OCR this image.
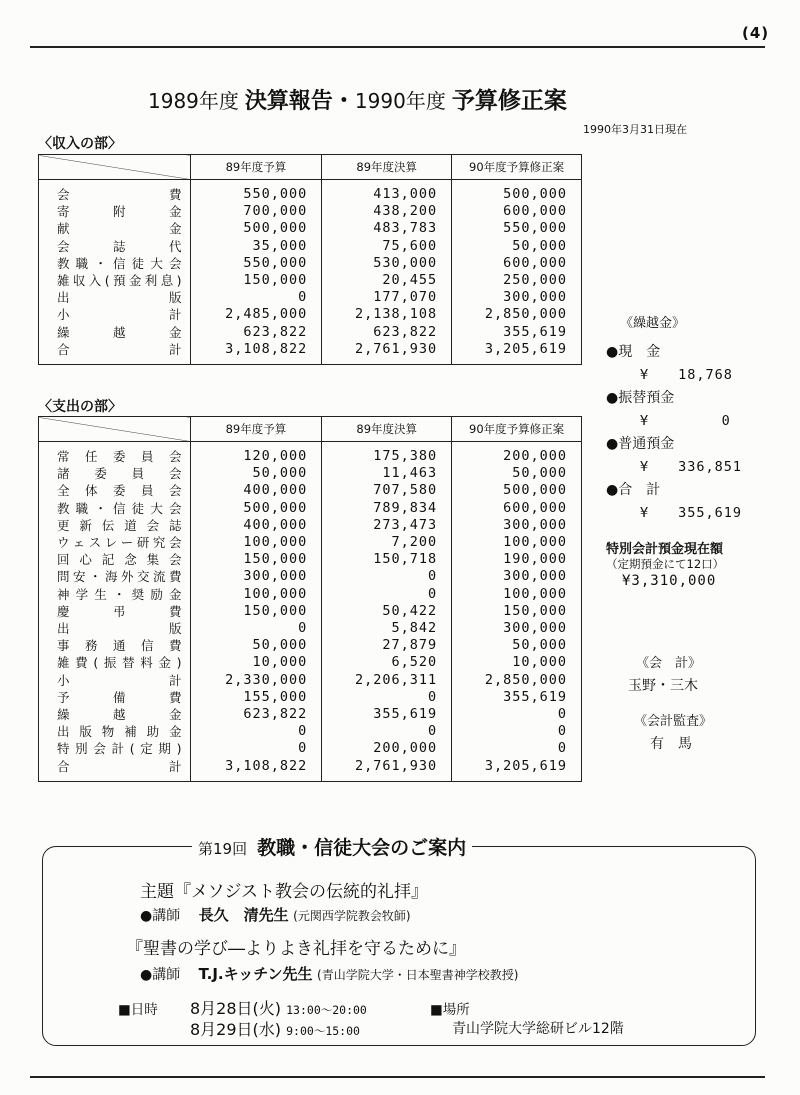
(4)
1989年度 決算報告・1990年度 予算修正案
1990年3月31日現在
〈収入の部〉
	89年度予算	89年度決算	90年度予算修正案
会費	550,000	413,000	500,000
寄附金	700,000	438,200	600,000
献金	500,000	483,783	550,000
会誌代	35,000	75,600	50,000
教職・信徒大会	550,000	530,000	600,000
雑収入(預金利息)	150,000	20,455	250,000
出版	0	177,070	300,000
小計	2,485,000	2,138,108	2,850,000
繰越金	623,822	623,822	355,619
合計	3,108,822	2,761,930	3,205,619
〈支出の部〉
	89年度予算	89年度決算	90年度予算修正案
常任委員会	120,000	175,380	200,000
諸委員会	50,000	11,463	50,000
全体委員会	400,000	707,580	500,000
教職・信徒大会	500,000	789,834	600,000
更新伝道会誌	400,000	273,473	300,000
ウェスレー研究会	100,000	7,200	100,000
回心記念集会	150,000	150,718	190,000
問安・海外交流費	300,000	0	300,000
神学生・奨励金	100,000	0	100,000
慶弔費	150,000	50,422	150,000
出版	0	5,842	300,000
事務通信費	50,000	27,879	50,000
雑費(振替料金)	10,000	6,520	10,000
小計	2,330,000	2,206,311	2,850,000
予備費	155,000	0	355,619
繰越金	623,822	355,619	0
出版物補助金	0	0	0
特別会計(定期)	0	200,000	0
合計	3,108,822	2,761,930	3,205,619
《繰越金》
●現　金
¥　　18,768
●振替預金
¥　　　　　0
●普通預金
¥　　336,851
●合　計
¥　　355,619
特別会計預金現在額
（定期預金にて12口）
¥3,310,000
《会　計》
玉野・三木
《会計監査》
有　馬
第19回 教職・信徒大会のご案内
主題『メソジスト教会の伝統的礼拝』
●講師 長久　清先生 (元関西学院教会牧師)
『聖書の学び―よりよき礼拝を守るために』
●講師 T.J.キッチン先生 (青山学院大学・日本聖書神学校教授)
■日時 8月28日(火) 13:00〜20:00
8月29日(水) 9:00〜15:00
■場所
青山学院大学総研ビル12階
